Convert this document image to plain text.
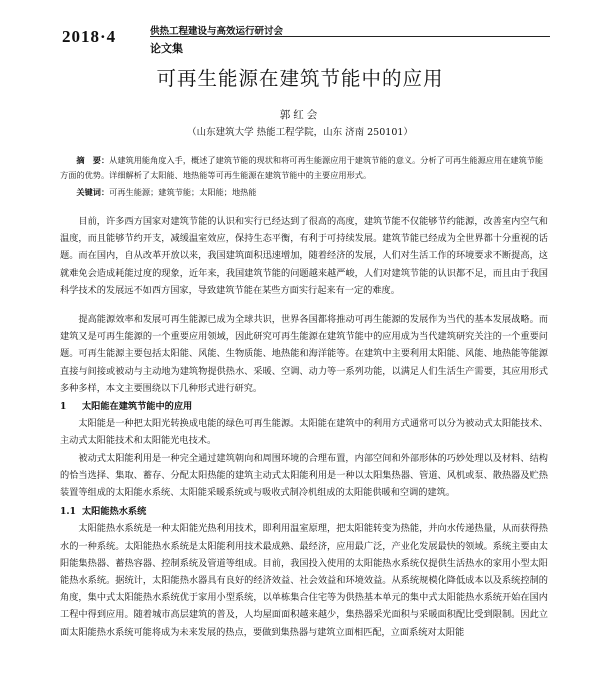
2018·4	供热工程建设与高效运行研讨会
论文集
可再生能源在建筑节能中的应用
郭红会
（山东建筑大学 热能工程学院，山东 济南 250101）
摘　要：从建筑用能角度入手，概述了建筑节能的现状和将可再生能源应用于建筑节能的意义。分析了可再生能源应用在建筑节能方面的优势。详细解析了太阳能、地热能等可再生能源在建筑节能中的主要应用形式。
关键词：可再生能源；建筑节能；太阳能；地热能

目前，许多西方国家对建筑节能的认识和实行已经达到了很高的高度，建筑节能不仅能够节约能源，改善室内空气和温度，而且能够节约开支，减缓温室效应，保持生态平衡，有利于可持续发展。建筑节能已经成为全世界都十分重视的话题。而在国内，自从改革开放以来，我国建筑面积迅速增加，随着经济的发展，人们对生活工作的环境要求不断提高，这就难免会造成耗能过度的现象，近年来，我国建筑节能的问题越来越严峻，人们对建筑节能的认识都不足，而且由于我国科学技术的发展远不如西方国家，导致建筑节能在某些方面实行起来有一定的难度。

提高能源效率和发展可再生能源已成为全球共识，世界各国都将推动可再生能源的发展作为当代的基本发展战略。而建筑又是可再生能源的一个重要应用领域，因此研究可再生能源在建筑节能中的应用成为当代建筑研究关注的一个重要问题。可再生能源主要包括太阳能、风能、生物质能、地热能和海洋能等。在建筑中主要利用太阳能、风能、地热能等能源直接与间接或被动与主动地为建筑物提供热水、采暖、空调、动力等一系列功能，以满足人们生活生产需要，其应用形式多种多样，本文主要围绕以下几种形式进行研究。

1 太阳能在建筑节能中的应用

太阳能是一种把太阳光转换成电能的绿色可再生能源。太阳能在建筑中的利用方式通常可以分为被动式太阳能技术、主动式太阳能技术和太阳能光电技术。

被动式太阳能利用是一种完全通过建筑朝向和周围环境的合理布置，内部空间和外部形体的巧妙处理以及材料、结构的恰当选择、集取、蓄存、分配太阳热能的建筑主动式太阳能利用是一种以太阳集热器、管道、风机或泵、散热器及贮热装置等组成的太阳能水系统、太阳能采暖系统或与吸收式制冷机组成的太阳能供暖和空调的建筑。

1.1 太阳能热水系统

太阳能热水系统是一种太阳能光热利用技术，即利用温室原理，把太阳能转变为热能，并向水传递热量，从而获得热水的一种系统。太阳能热水系统是太阳能利用技术最成熟、最经济，应用最广泛，产业化发展最快的领域。系统主要由太阳能集热器、蓄热容器、控制系统及管道等组成。目前，我国投入使用的太阳能热水系统仅提供生活热水的家用小型太阳能热水系统。据统计，太阳能热水器具有良好的经济效益、社会效益和环境效益。从系统规模化降低成本以及系统控制的角度，集中式太阳能热水系统优于家用小型系统，以单栋集合住宅等为供热基本单元的集中式太阳能热水系统开始在国内工程中得到应用。随着城市高层建筑的普及，人均屋面面积越来越少，集热器采光面积与采暖面积配比受到限制。因此立面太阳能热水系统可能将成为未来发展的热点，要做到集热器与建筑立面相匹配，立面系统对太阳能
